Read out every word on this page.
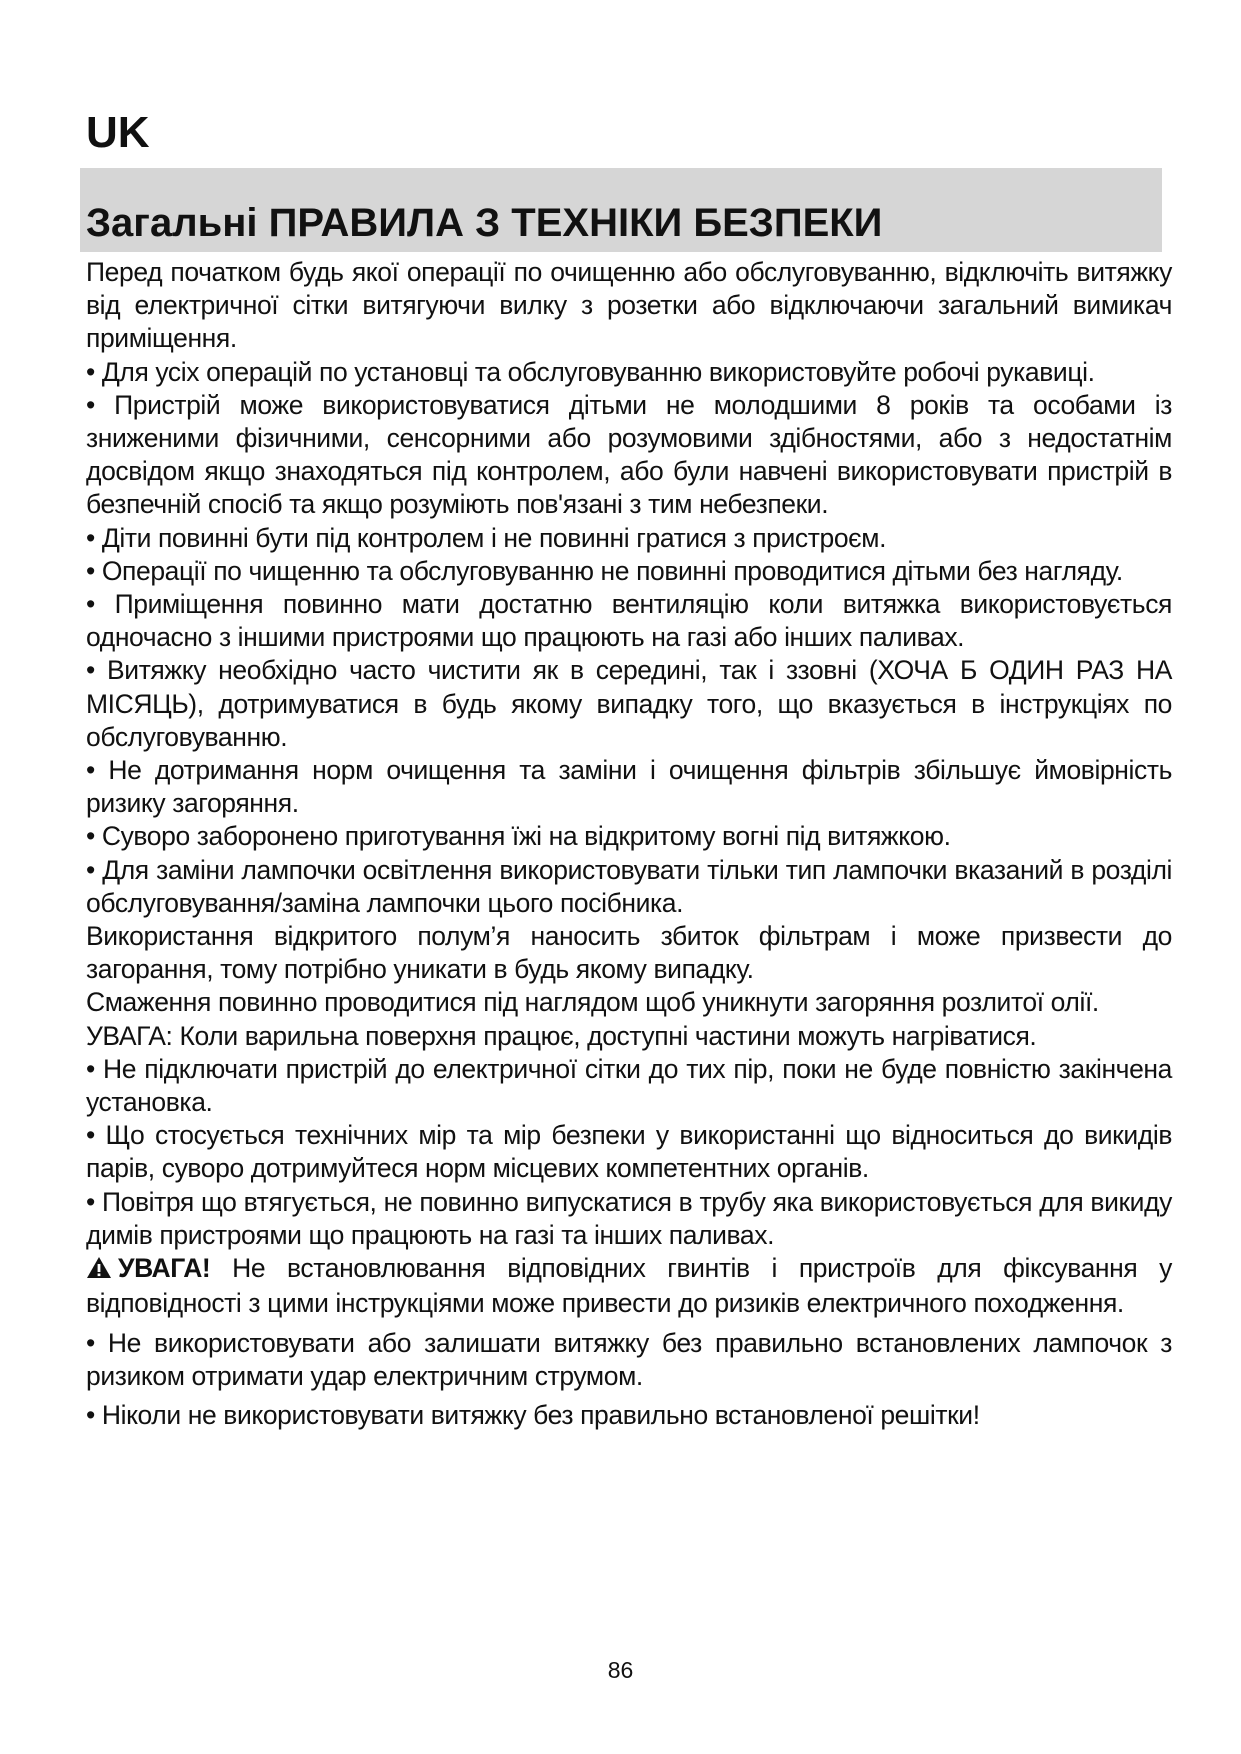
UK
Загальні ПРАВИЛА З ТЕХНІКИ БЕЗПЕКИ

Перед початком будь якої операції по очищенню або обслуговуванню, відключіть витяжку від електричної сітки витягуючи вилку з розетки або відключаючи загальний вимикач приміщення.

• Для усіх операцій по установці та обслуговуванню використовуйте робочі рукавиці.

• Пристрій може використовуватися дітьми не молодшими 8 років та особами із зниженими фізичними, сенсорними або розумовими здібностями, або з недостатнім досвідом якщо знаходяться під контролем, або були навчені використовувати пристрій в безпечній спосіб та якщо розуміють пов'язані з тим небезпеки.

• Діти повинні бути під контролем і не повинні гратися з пристроєм.

• Операції по чищенню та обслуговуванню не повинні проводитися дітьми без нагляду.

• Приміщення повинно мати достатню вентиляцію коли витяжка використовується одночасно з іншими пристроями що працюють на газі або інших паливах.

• Витяжку необхідно часто чистити як в середині, так і ззовні (ХОЧА Б ОДИН РАЗ НА МІСЯЦЬ), дотримуватися в будь якому випадку того, що вказується в інструкціях по обслуговуванню.

• Не дотримання норм очищення та заміни і очищення фільтрів збільшує ймовірність ризику загоряння.

• Суворо заборонено приготування їжі на відкритому вогні під витяжкою.

• Для заміни лампочки освітлення використовувати тільки тип лампочки вказаний в розділі обслуговування/заміна лампочки цього посібника.

Використання відкритого полум’я наносить збиток фільтрам і може призвести до загорання, тому потрібно уникати в будь якому випадку.

Смаження повинно проводитися під наглядом щоб уникнути загоряння розлитої олії.

УВАГА: Коли варильна поверхня працює, доступні частини можуть нагріватися.

• Не підключати пристрій до електричної сітки до тих пір, поки не буде повністю закінчена установка.

• Що стосується технічних мір та мір безпеки у використанні що відноситься до викидів парів, суворо дотримуйтеся норм місцевих компетентних органів.

• Повітря що втягується, не повинно випускатися в трубу яка використовується для викиду димів пристроями що працюють на газі та інших паливах.

УВАГА! Не встановлювання відповідних гвинтів і пристроїв для фіксування у відповідності з цими інструкціями може привести до ризиків електричного походження.

• Не використовувати або залишати витяжку без правильно встановлених лампочок з ризиком отримати удар електричним струмом.

• Ніколи не використовувати витяжку без правильно встановленої решітки!

86
